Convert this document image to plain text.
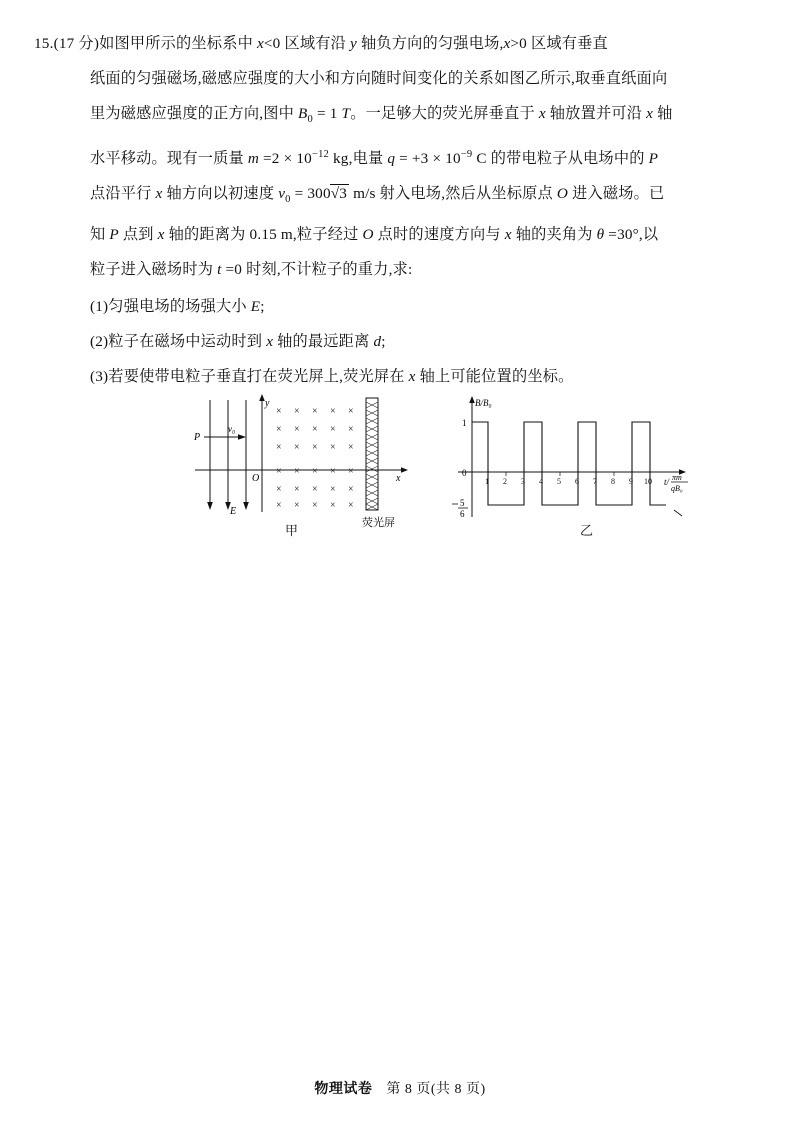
15.(17 分)如图甲所示的坐标系中 x<0 区域有沿 y 轴负方向的匀强电场,x>0 区域有垂直
纸面的匀强磁场,磁感应强度的大小和方向随时间变化的关系如图乙所示,取垂直纸面向
里为磁感应强度的正方向,图中 $B_0 = 1$ T。一足够大的荧光屏垂直于 x 轴放置并可沿 x 轴
水平移动。现有一质量 $m =2 \times 10^{-12}$ kg,电量 $q = +3 \times 10^{-9}$ C 的带电粒子从电场中的 P
点沿平行 x 轴方向以初速度 $v_0 = 300√3$ m/s 射入电场,然后从坐标原点 O 进入磁场。已
知 P 点到 x 轴的距离为 0.15 m,粒子经过 O 点时的速度方向与 x 轴的夹角为 θ =30°,以
粒子进入磁场时为 t =0 时刻,不计粒子的重力,求:
(1)匀强电场的场强大小 E;
(2)粒子在磁场中运动时到 x 轴的最远距离 d;
(3)若要使带电粒子垂直打在荧光屏上,荧光屏在 x 轴上可能位置的坐标。
y
x
O
P
v₀
E
× × × × ×
× × × × ×
× × × × ×
× × × × ×
× × × × ×
× × × × ×
荧光屏
甲
B/B₀
t/ πm
qB₀
1
0
5
6
1 2 3 4 5 6 7 8 9 10
乙
物理试卷 第 8 页(共 8 页)
